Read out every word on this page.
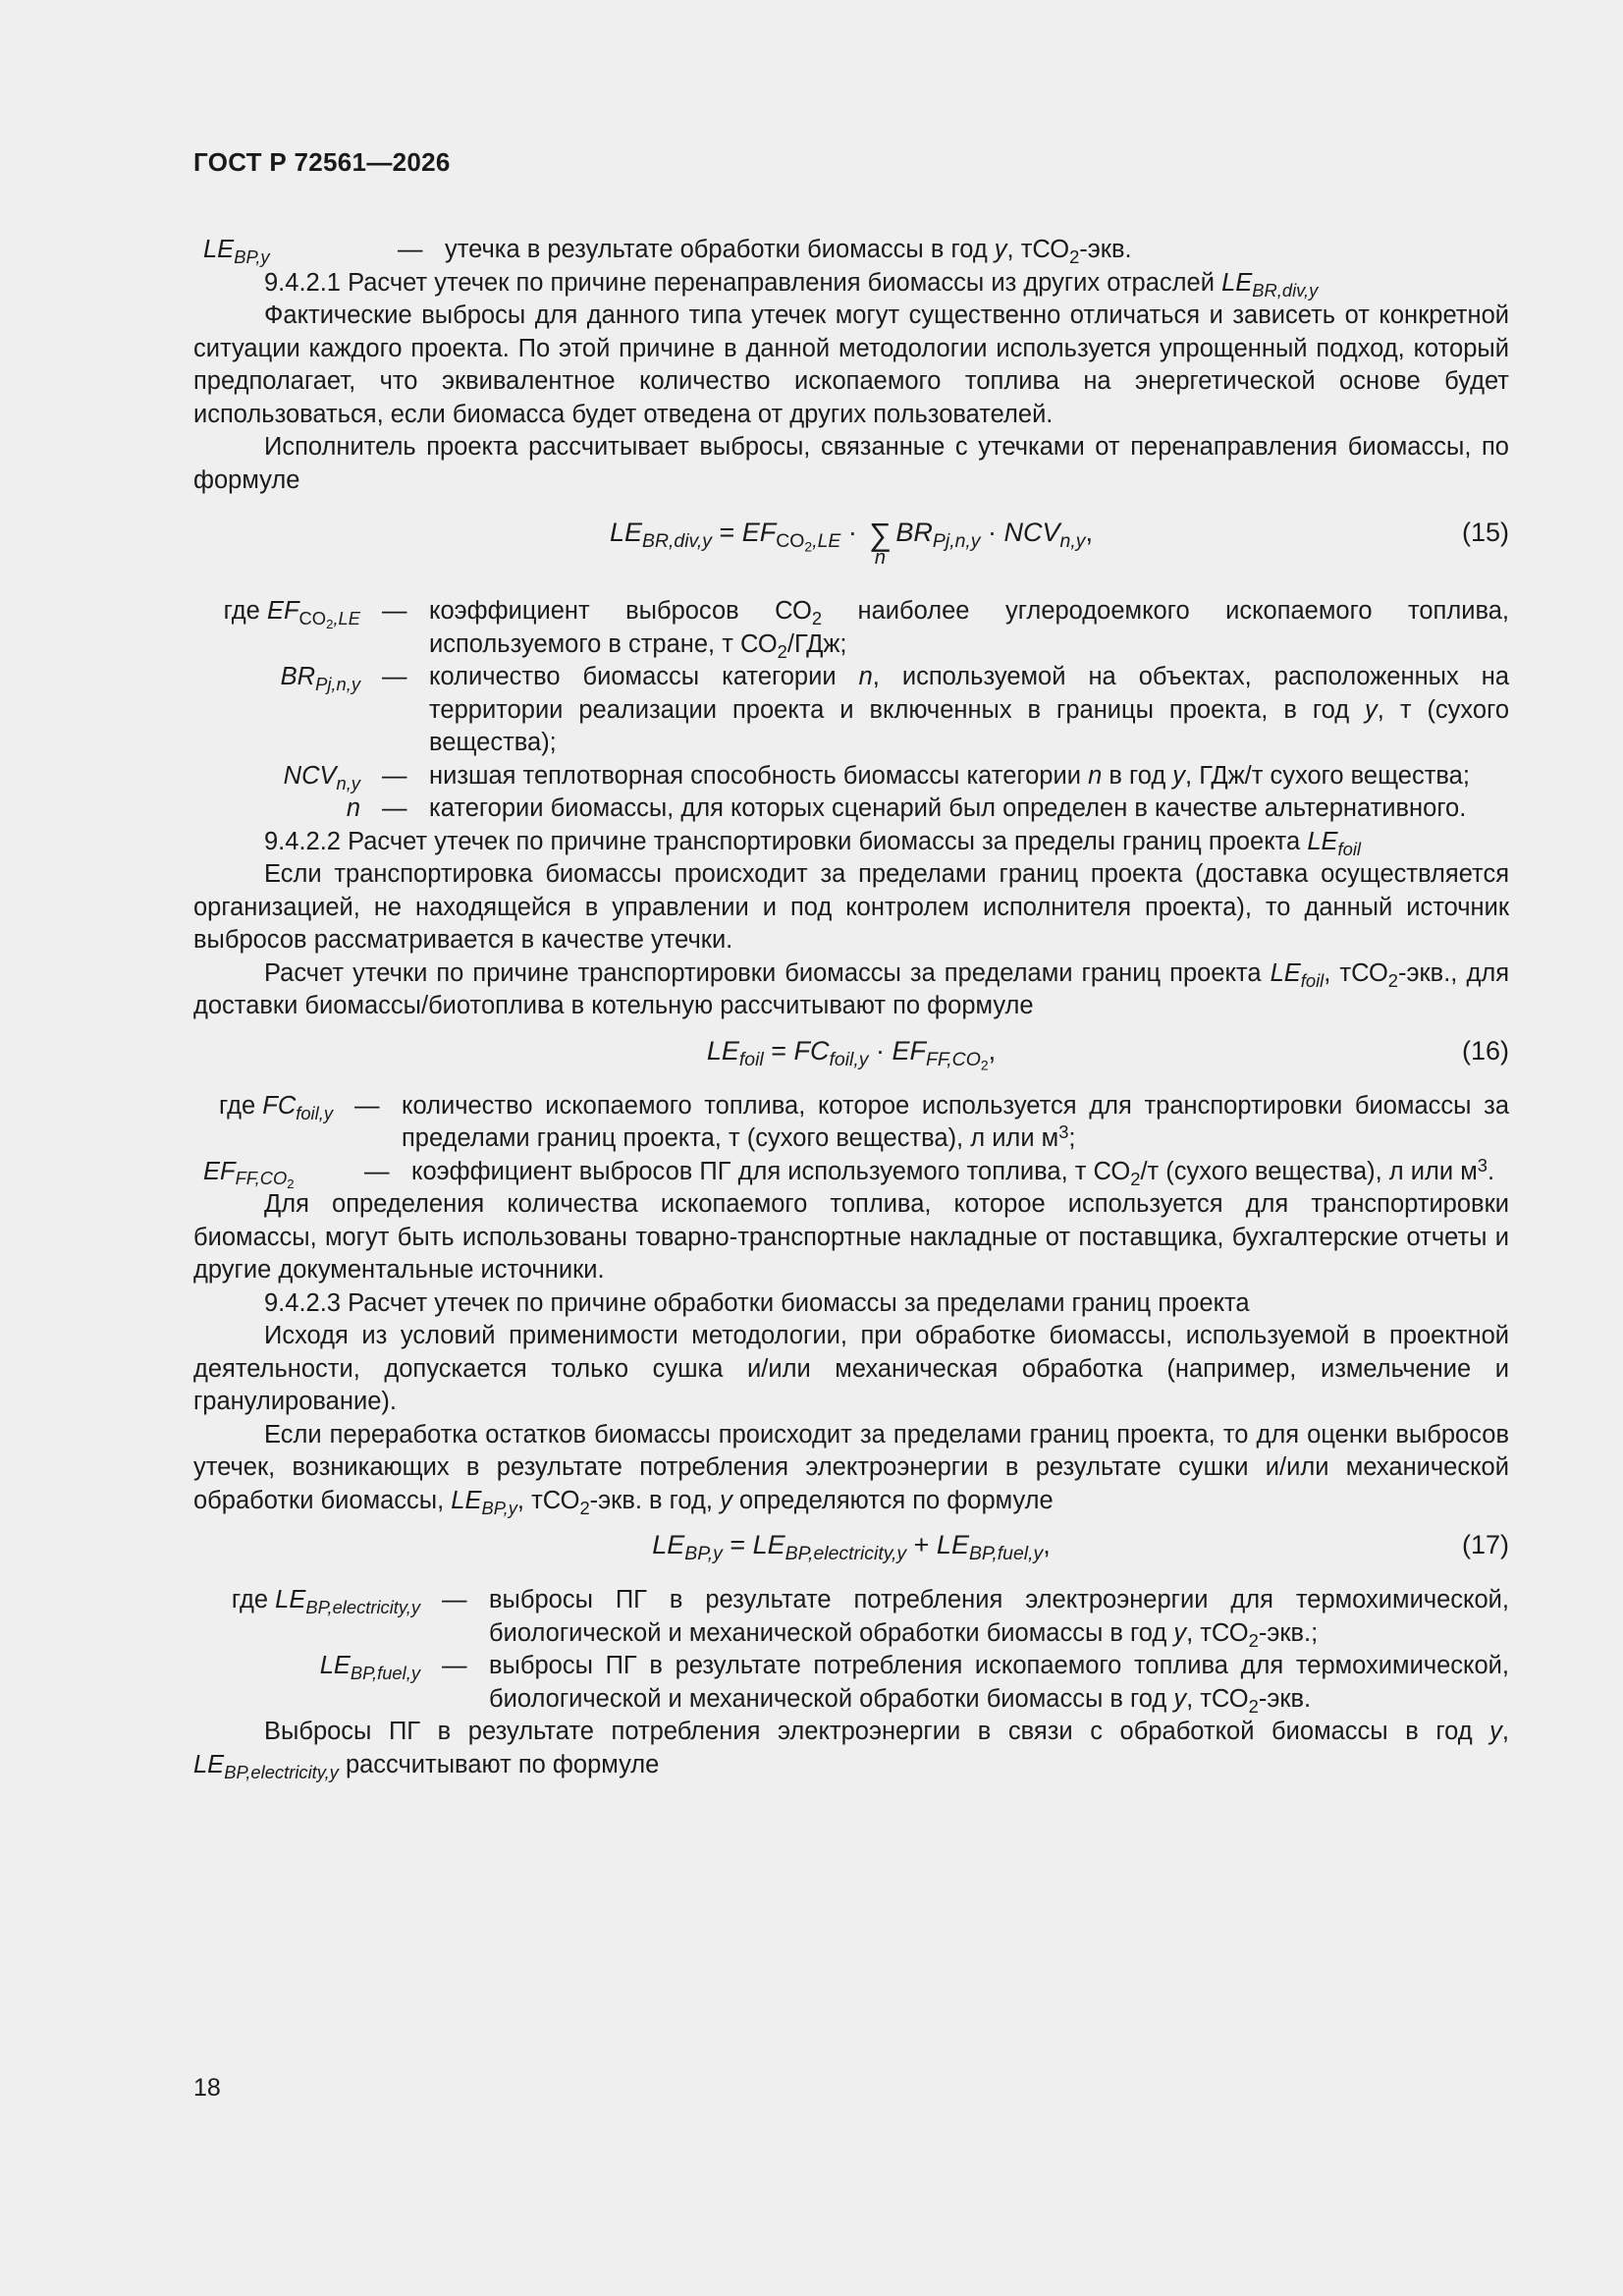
ГОСТ Р 72561—2026
$LE_{BP,y}$	— утечка в результате обработки биомассы в год y, тСО$_2$-экв.

9.4.2.1 Расчет утечек по причине перенаправления биомассы из других отраслей $LE_{BR,div,y}$

Фактические выбросы для данного типа утечек могут существенно отличаться и зависеть от конкретной ситуации каждого проекта. По этой причине в данной методологии используется упрощенный подход, который предполагает, что эквивалентное количество ископаемого топлива на энергетической основе будет использоваться, если биомасса будет отведена от других пользователей.

Исполнитель проекта рассчитывает выбросы, связанные с утечками от перенаправления биомассы, по формуле

$LE_{BR,div,y} = EF_{CO_2,LE}$ · ∑
n
$BR_{Pj,n,y} \cdot NCV_{n,y}$,	(15)
где $EF_{CO_2,LE}$ — коэффициент выбросов $СО_2$ наиболее углеродоемкого ископаемого топлива, используемого в стране, т $СО_2$/ГДж;
$BR_{Pj,n,y}$ — количество биомассы категории n, используемой на объектах, расположенных на территории реализации проекта и включенных в границы проекта, в год y, т (сухого вещества);
$NCV_{n,y}$ — низшая теплотворная способность биомассы категории n в год y, ГДж/т сухого вещества;
n — категории биомассы, для которых сценарий был определен в качестве альтернативного.

9.4.2.2 Расчет утечек по причине транспортировки биомассы за пределы границ проекта $LE_{foil}$

Если транспортировка биомассы происходит за пределами границ проекта (доставка осуществляется организацией, не находящейся в управлении и под контролем исполнителя проекта), то данный источник выбросов рассматривается в качестве утечки.

Расчет утечки по причине транспортировки биомассы за пределами границ проекта $LE_{foil}$, тСО$_2$-экв., для доставки биомассы/биотоплива в котельную рассчитывают по формуле

$LE_{foil} = FC_{foil,y} \cdot EF_{FF,CO_2}$,	(16)
где $FC_{foil,y}$ — количество ископаемого топлива, которое используется для транспортировки биомассы за пределами границ проекта, т (сухого вещества), л или $м^3$;
$EF_{FF,CO_2}$	— коэффициент выбросов ПГ для используемого топлива, т $СО_2/т$ (сухого вещества), л или $м^3$.

Для определения количества ископаемого топлива, которое используется для транспортировки биомассы, могут быть использованы товарно-транспортные накладные от поставщика, бухгалтерские отчеты и другие документальные источники.

9.4.2.3 Расчет утечек по причине обработки биомассы за пределами границ проекта

Исходя из условий применимости методологии, при обработке биомассы, используемой в проектной деятельности, допускается только сушка и/или механическая обработка (например, измельчение и гранулирование).

Если переработка остатков биомассы происходит за пределами границ проекта, то для оценки выбросов утечек, возникающих в результате потребления электроэнергии в результате сушки и/или механической обработки биомассы, $LE_{BP,y}$, тСО$_2$-экв. в год, y определяются по формуле

$LE_{BP,y} = LE_{BP,electricity,y} + LE_{BP,fuel,y}$,	(17)
где $LE_{BP,electricity,y}$ — выбросы ПГ в результате потребления электроэнергии для термохимической, биологической и механической обработки биомассы в год y, тСО$_2$-экв.;
$LE_{BP,fuel,y}$ — выбросы ПГ в результате потребления ископаемого топлива для термохимической, биологической и механической обработки биомассы в год y, тСО$_2$-экв.

Выбросы ПГ в результате потребления электроэнергии в связи с обработкой биомассы в год y, $LE_{BP,electricity,y}$ рассчитывают по формуле

18
